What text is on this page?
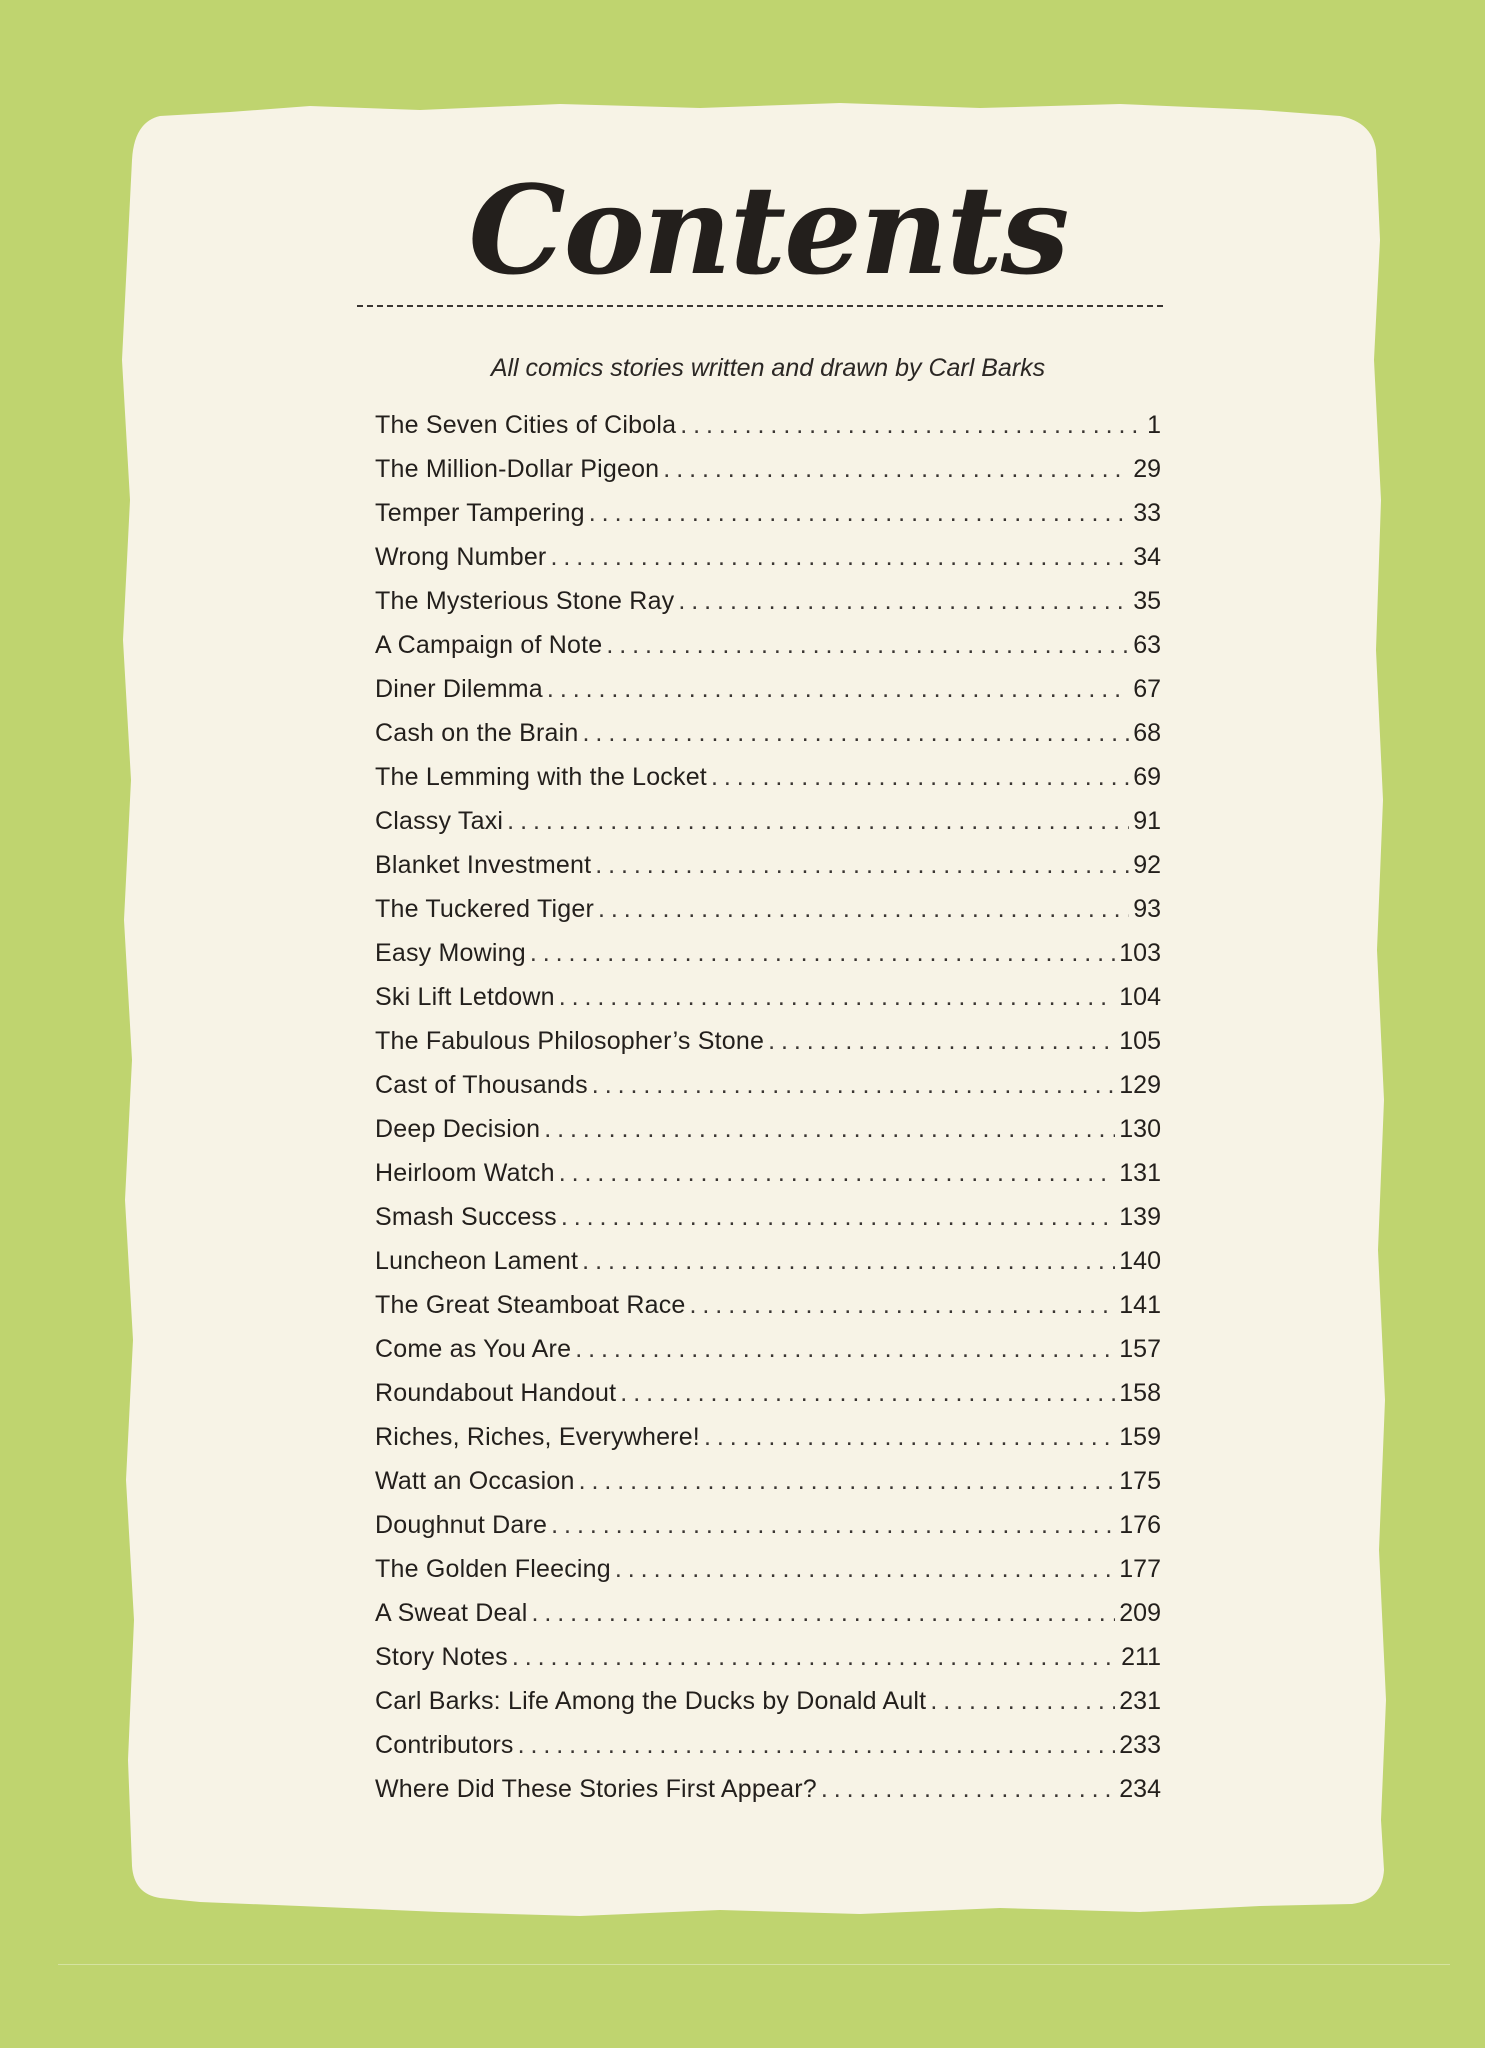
Contents
All comics stories written and drawn by Carl Barks
The Seven Cities of Cibola . . .	1
The Million-Dollar Pigeon . . .	29
Temper Tampering . . .	33
Wrong Number . . .	34
The Mysterious Stone Ray . . .	35
A Campaign of Note . . .	63
Diner Dilemma . . .	67
Cash on the Brain . . .	68
The Lemming with the Locket . . .	69
Classy Taxi . . .	91
Blanket Investment . . .	92
The Tuckered Tiger . . .	93
Easy Mowing . . .	103
Ski Lift Letdown . . .	104
The Fabulous Philosopher’s Stone . . .	105
Cast of Thousands . . .	129
Deep Decision . . .	130
Heirloom Watch . . .	131
Smash Success . . .	139
Luncheon Lament . . .	140
The Great Steamboat Race . . .	141
Come as You Are . . .	157
Roundabout Handout . . .	158
Riches, Riches, Everywhere! . . .	159
Watt an Occasion . . .	175
Doughnut Dare . . .	176
The Golden Fleecing . . .	177
A Sweat Deal . . .	209
Story Notes . . .	211
Carl Barks: Life Among the Ducks by Donald Ault . . .	231
Contributors . . .	233
Where Did These Stories First Appear? . . .	234
